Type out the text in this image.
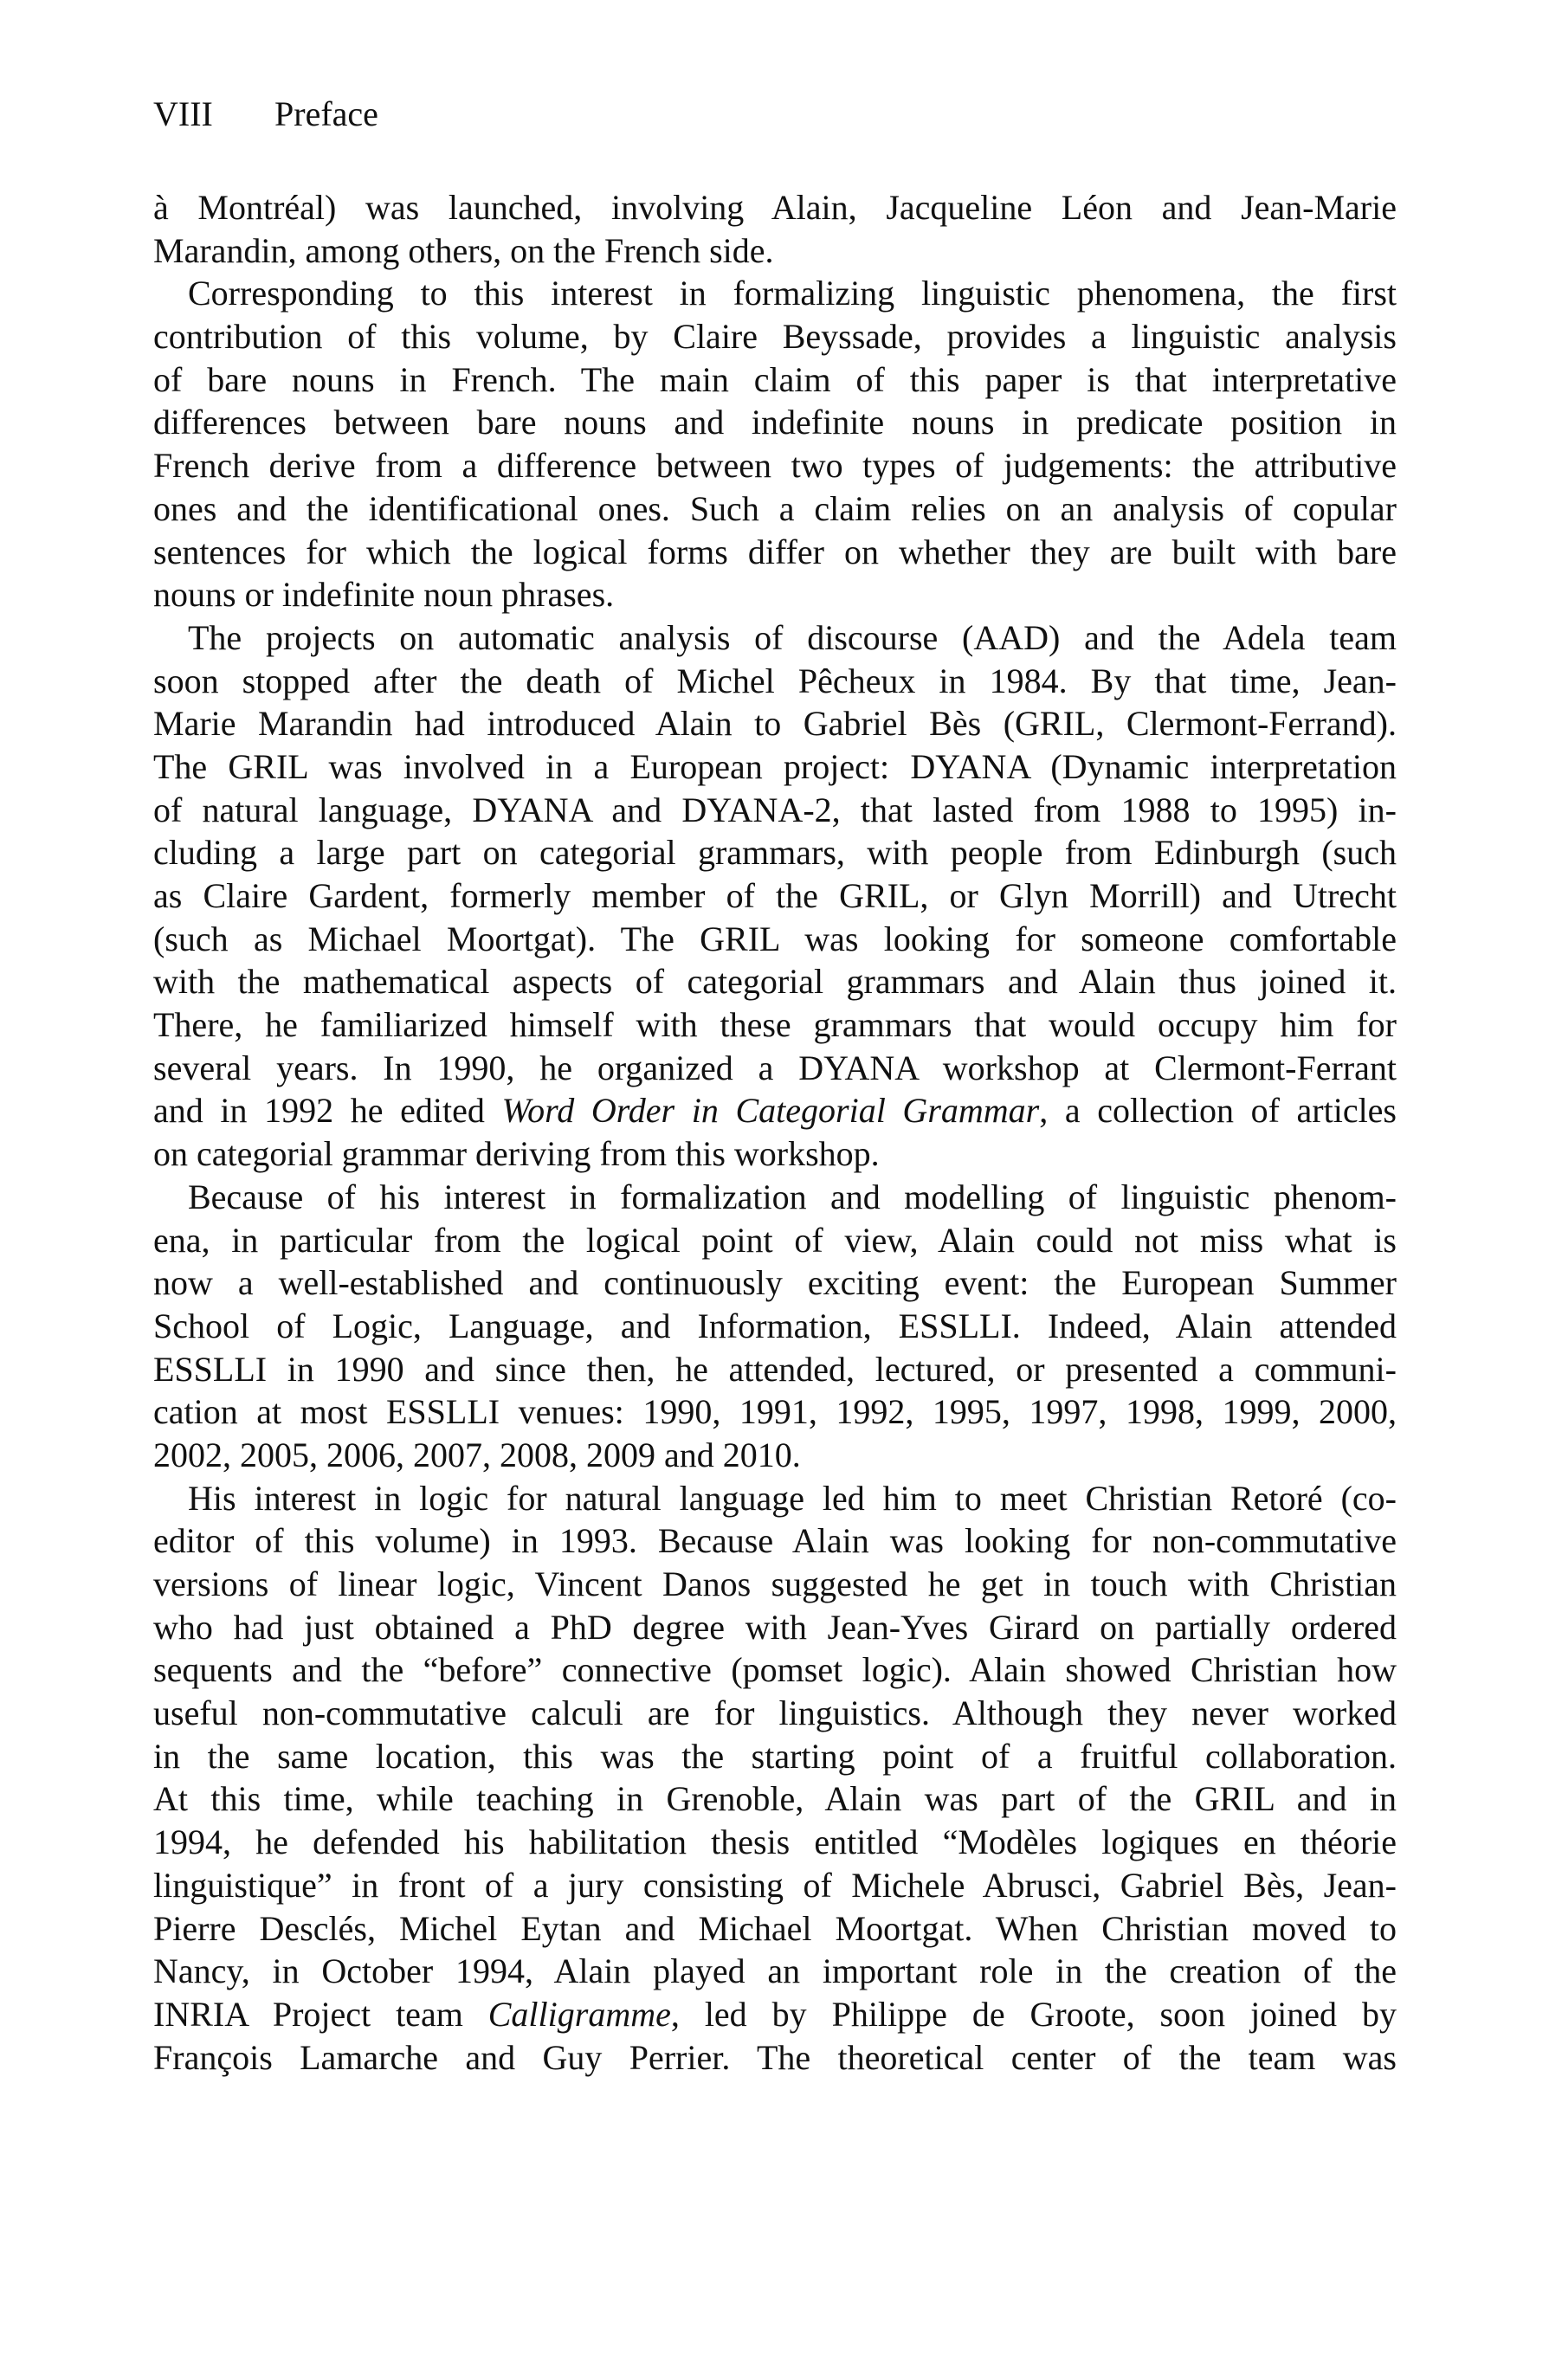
VIII Preface
à Montréal) was launched, involving Alain, Jacqueline Léon and Jean-Marie
Marandin, among others, on the French side.
Corresponding to this interest in formalizing linguistic phenomena, the first
contribution of this volume, by Claire Beyssade, provides a linguistic analysis
of bare nouns in French. The main claim of this paper is that interpretative
differences between bare nouns and indefinite nouns in predicate position in
French derive from a difference between two types of judgements: the attributive
ones and the identificational ones. Such a claim relies on an analysis of copular
sentences for which the logical forms differ on whether they are built with bare
nouns or indefinite noun phrases.
The projects on automatic analysis of discourse (AAD) and the Adela team
soon stopped after the death of Michel Pêcheux in 1984. By that time, Jean-
Marie Marandin had introduced Alain to Gabriel Bès (GRIL, Clermont-Ferrand).
The GRIL was involved in a European project: DYANA (Dynamic interpretation
of natural language, DYANA and DYANA-2, that lasted from 1988 to 1995) in-
cluding a large part on categorial grammars, with people from Edinburgh (such
as Claire Gardent, formerly member of the GRIL, or Glyn Morrill) and Utrecht
(such as Michael Moortgat). The GRIL was looking for someone comfortable
with the mathematical aspects of categorial grammars and Alain thus joined it.
There, he familiarized himself with these grammars that would occupy him for
several years. In 1990, he organized a DYANA workshop at Clermont-Ferrant
and in 1992 he edited Word Order in Categorial Grammar, a collection of articles
on categorial grammar deriving from this workshop.
Because of his interest in formalization and modelling of linguistic phenom-
ena, in particular from the logical point of view, Alain could not miss what is
now a well-established and continuously exciting event: the European Summer
School of Logic, Language, and Information, ESSLLI. Indeed, Alain attended
ESSLLI in 1990 and since then, he attended, lectured, or presented a communi-
cation at most ESSLLI venues: 1990, 1991, 1992, 1995, 1997, 1998, 1999, 2000,
2002, 2005, 2006, 2007, 2008, 2009 and 2010.
His interest in logic for natural language led him to meet Christian Retoré (co-
editor of this volume) in 1993. Because Alain was looking for non-commutative
versions of linear logic, Vincent Danos suggested he get in touch with Christian
who had just obtained a PhD degree with Jean-Yves Girard on partially ordered
sequents and the “before” connective (pomset logic). Alain showed Christian how
useful non-commutative calculi are for linguistics. Although they never worked
in the same location, this was the starting point of a fruitful collaboration.
At this time, while teaching in Grenoble, Alain was part of the GRIL and in
1994, he defended his habilitation thesis entitled “Modèles logiques en théorie
linguistique” in front of a jury consisting of Michele Abrusci, Gabriel Bès, Jean-
Pierre Desclés, Michel Eytan and Michael Moortgat. When Christian moved to
Nancy, in October 1994, Alain played an important role in the creation of the
INRIA Project team Calligramme, led by Philippe de Groote, soon joined by
François Lamarche and Guy Perrier. The theoretical center of the team was
